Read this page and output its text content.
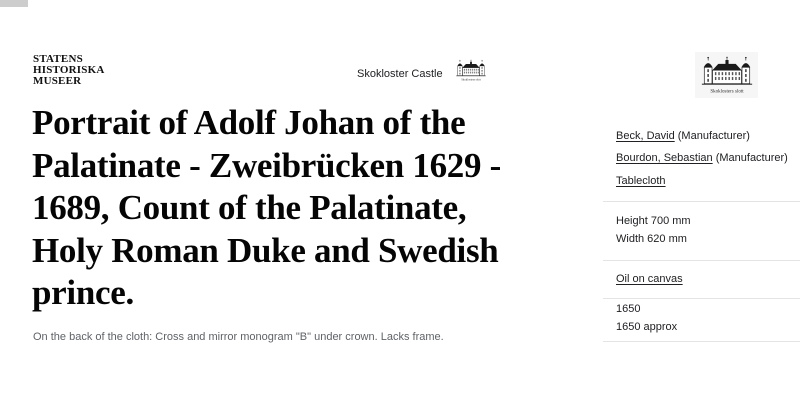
STATENS
HISTORISKA
MUSEER
Skokloster Castle	Skoklosters slott
Portrait of Adolf Johan of the
Palatinate - Zweibrücken 1629 -
1689, Count of the Palatinate,
Holy Roman Duke and Swedish
prince.

On the back of the cloth: Cross and mirror monogram "B" under crown. Lacks frame.

Skoklosters slott
Beck, David (Manufacturer)
Bourdon, Sebastian (Manufacturer)
Tablecloth
Height 700 mm
Width 620 mm
Oil on canvas
1650
1650 approx
